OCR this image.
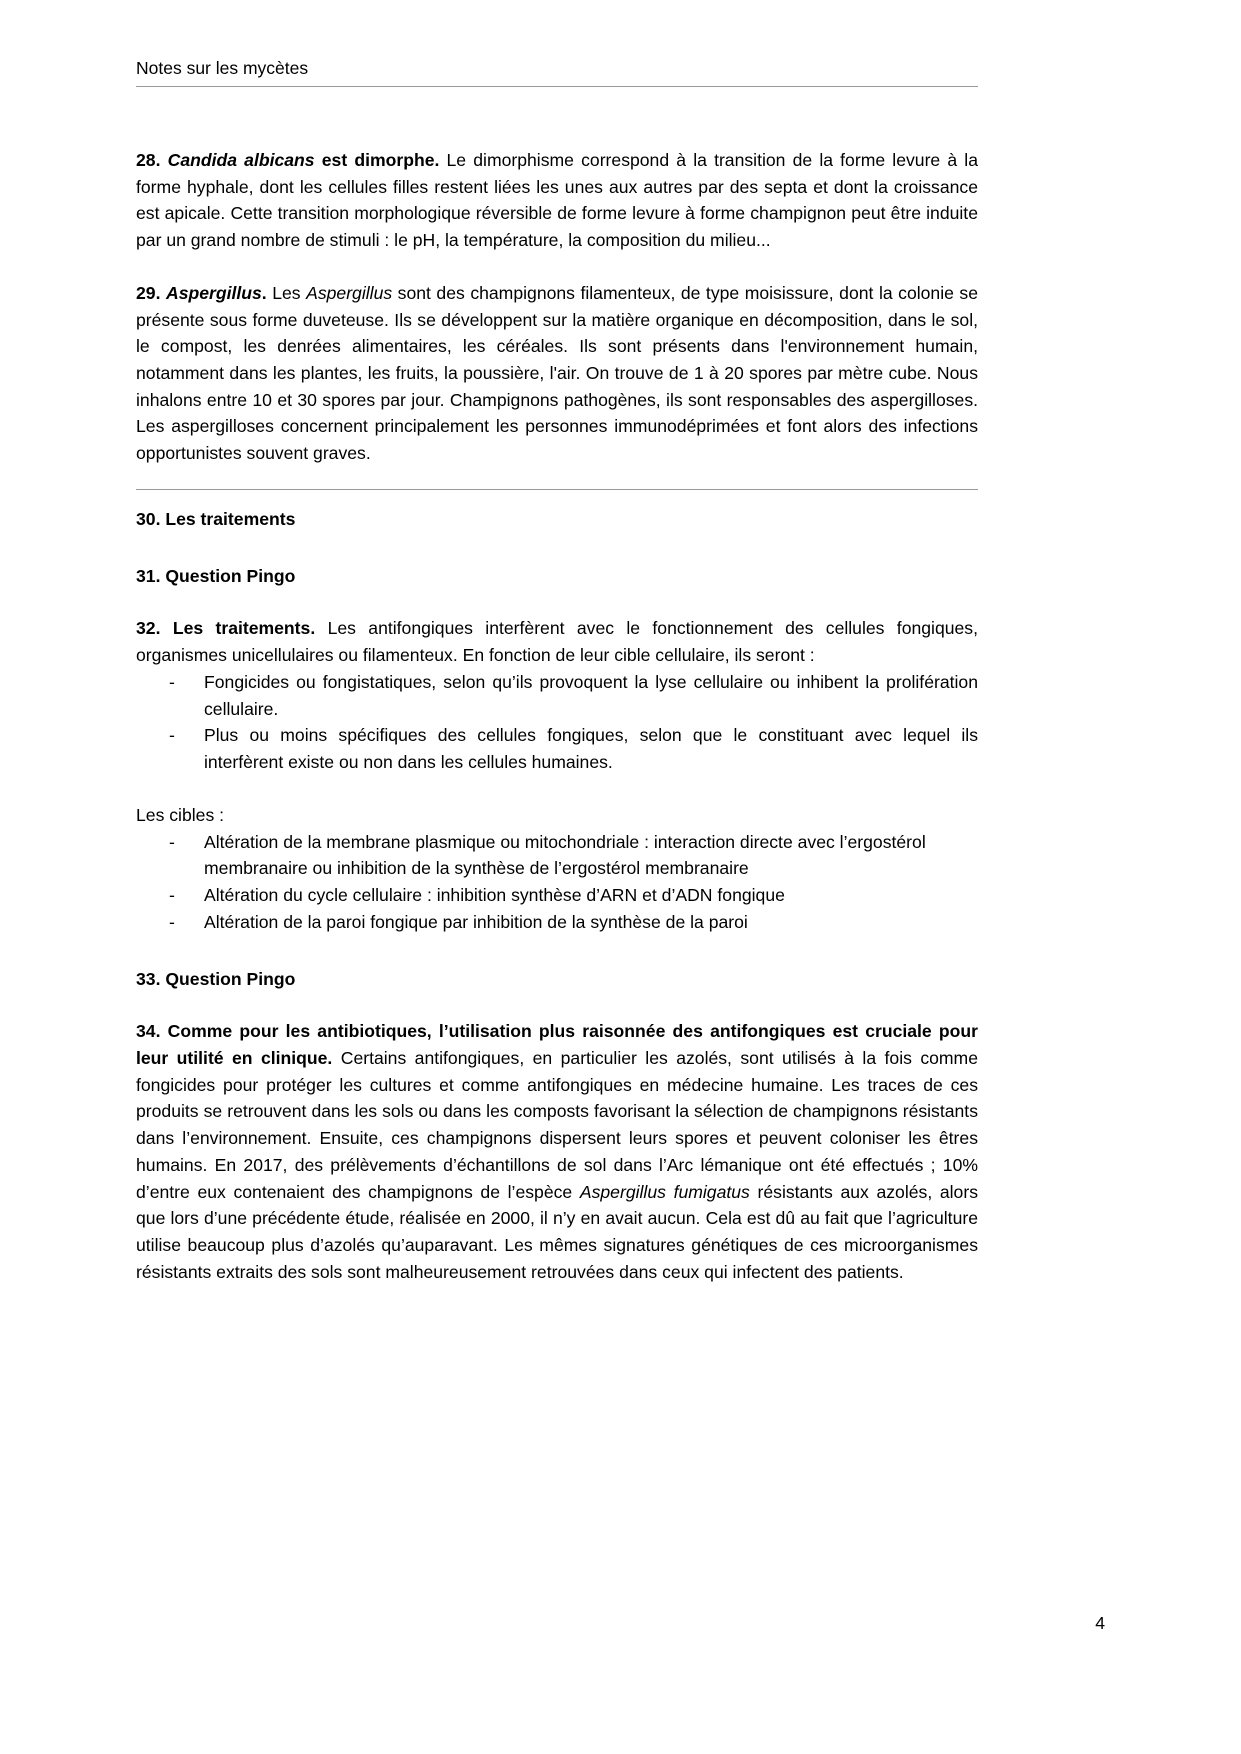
Notes sur les mycètes

28. Candida albicans est dimorphe. Le dimorphisme correspond à la transition de la forme levure à la forme hyphale, dont les cellules filles restent liées les unes aux autres par des septa et dont la croissance est apicale. Cette transition morphologique réversible de forme levure à forme champignon peut être induite par un grand nombre de stimuli : le pH, la température, la composition du milieu...

29. Aspergillus. Les Aspergillus sont des champignons filamenteux, de type moisissure, dont la colonie se présente sous forme duveteuse. Ils se développent sur la matière organique en décomposition, dans le sol, le compost, les denrées alimentaires, les céréales. Ils sont présents dans l'environnement humain, notamment dans les plantes, les fruits, la poussière, l'air. On trouve de 1 à 20 spores par mètre cube. Nous inhalons entre 10 et 30 spores par jour. Champignons pathogènes, ils sont responsables des aspergilloses. Les aspergilloses concernent principalement les personnes immunodéprimées et font alors des infections opportunistes souvent graves.

30. Les traitements

31. Question Pingo

32. Les traitements. Les antifongiques interfèrent avec le fonctionnement des cellules fongiques, organismes unicellulaires ou filamenteux. En fonction de leur cible cellulaire, ils seront :

- Fongicides ou fongistatiques, selon qu’ils provoquent la lyse cellulaire ou inhibent la prolifération cellulaire.
- Plus ou moins spécifiques des cellules fongiques, selon que le constituant avec lequel ils interfèrent existe ou non dans les cellules humaines.

Les cibles :

- Altération de la membrane plasmique ou mitochondriale : interaction directe avec l’ergostérol membranaire ou inhibition de la synthèse de l’ergostérol membranaire
- Altération du cycle cellulaire : inhibition synthèse d’ARN et d’ADN fongique
- Altération de la paroi fongique par inhibition de la synthèse de la paroi

33. Question Pingo

34. Comme pour les antibiotiques, l’utilisation plus raisonnée des antifongiques est cruciale pour leur utilité en clinique. Certains antifongiques, en particulier les azolés, sont utilisés à la fois comme fongicides pour protéger les cultures et comme antifongiques en médecine humaine. Les traces de ces produits se retrouvent dans les sols ou dans les composts favorisant la sélection de champignons résistants dans l’environnement. Ensuite, ces champignons dispersent leurs spores et peuvent coloniser les êtres humains. En 2017, des prélèvements d’échantillons de sol dans l’Arc lémanique ont été effectués ; 10% d’entre eux contenaient des champignons de l’espèce Aspergillus fumigatus résistants aux azolés, alors que lors d’une précédente étude, réalisée en 2000, il n’y en avait aucun. Cela est dû au fait que l’agriculture utilise beaucoup plus d’azolés qu’auparavant. Les mêmes signatures génétiques de ces microorganismes résistants extraits des sols sont malheureusement retrouvées dans ceux qui infectent des patients.

4
